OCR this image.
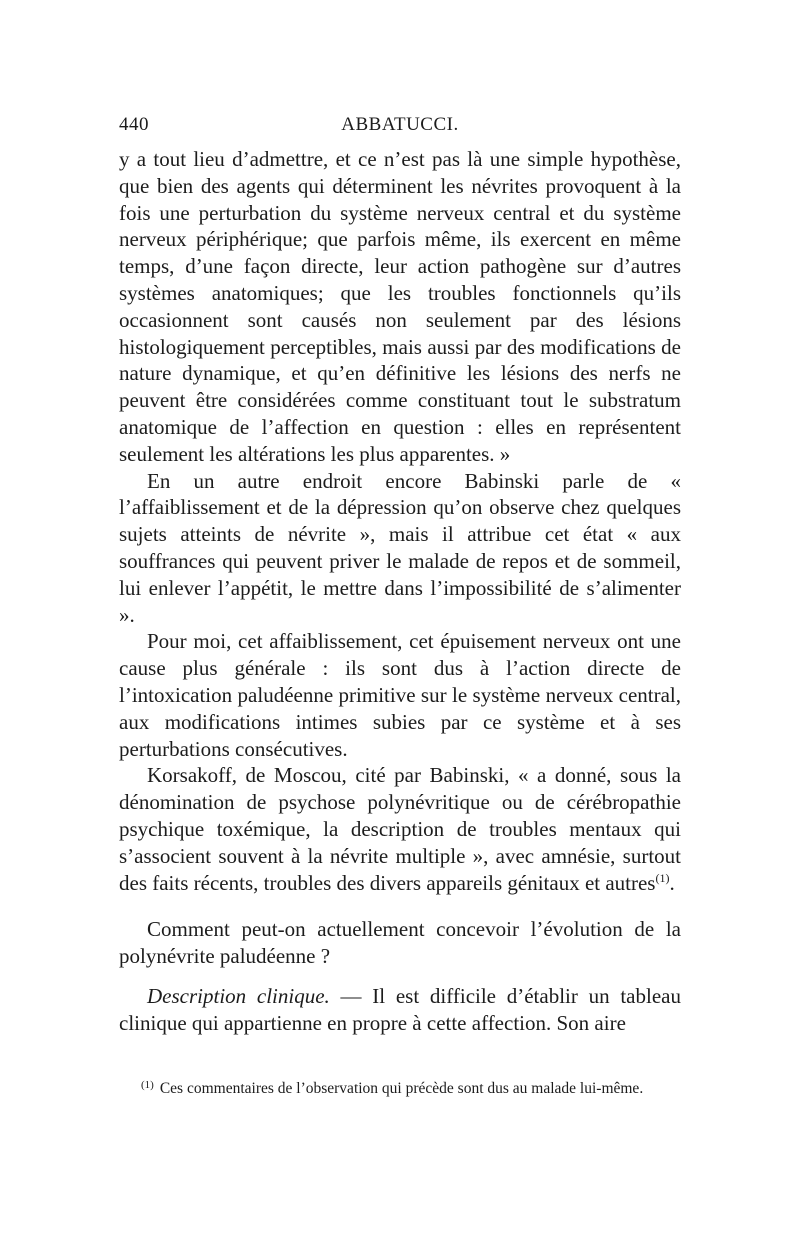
440	ABBATUCCI.

y a tout lieu d’admettre, et ce n’est pas là une simple hypothèse, que bien des agents qui déterminent les névrites provoquent à la fois une perturbation du système nerveux central et du système nerveux périphérique; que parfois même, ils exercent en même temps, d’une façon directe, leur action pathogène sur d’autres systèmes anatomiques; que les troubles fonctionnels qu’ils occasionnent sont causés non seulement par des lésions histologiquement perceptibles, mais aussi par des modifications de nature dynamique, et qu’en définitive les lésions des nerfs ne peuvent être considérées comme constituant tout le substratum anatomique de l’affection en question : elles en représentent seulement les altérations les plus apparentes. »

En un autre endroit encore Babinski parle de « l’affaiblissement et de la dépression qu’on observe chez quelques sujets atteints de névrite », mais il attribue cet état « aux souffrances qui peuvent priver le malade de repos et de sommeil, lui enlever l’appétit, le mettre dans l’impossibilité de s’alimenter ».

Pour moi, cet affaiblissement, cet épuisement nerveux ont une cause plus générale : ils sont dus à l’action directe de l’intoxication paludéenne primitive sur le système nerveux central, aux modifications intimes subies par ce système et à ses perturbations consécutives.

Korsakoff, de Moscou, cité par Babinski, « a donné, sous la dénomination de psychose polynévritique ou de cérébropathie psychique toxémique, la description de troubles mentaux qui s’associent souvent à la névrite multiple », avec amnésie, surtout des faits récents, troubles des divers appareils génitaux et autres$^{(1)}$.

Comment peut-on actuellement concevoir l’évolution de la polynévrite paludéenne ?

Description clinique. — Il est difficile d’établir un tableau clinique qui appartienne en propre à cette affection. Son aire

$^{(1)}$ Ces commentaires de l’observation qui précède sont dus au malade lui-même.
